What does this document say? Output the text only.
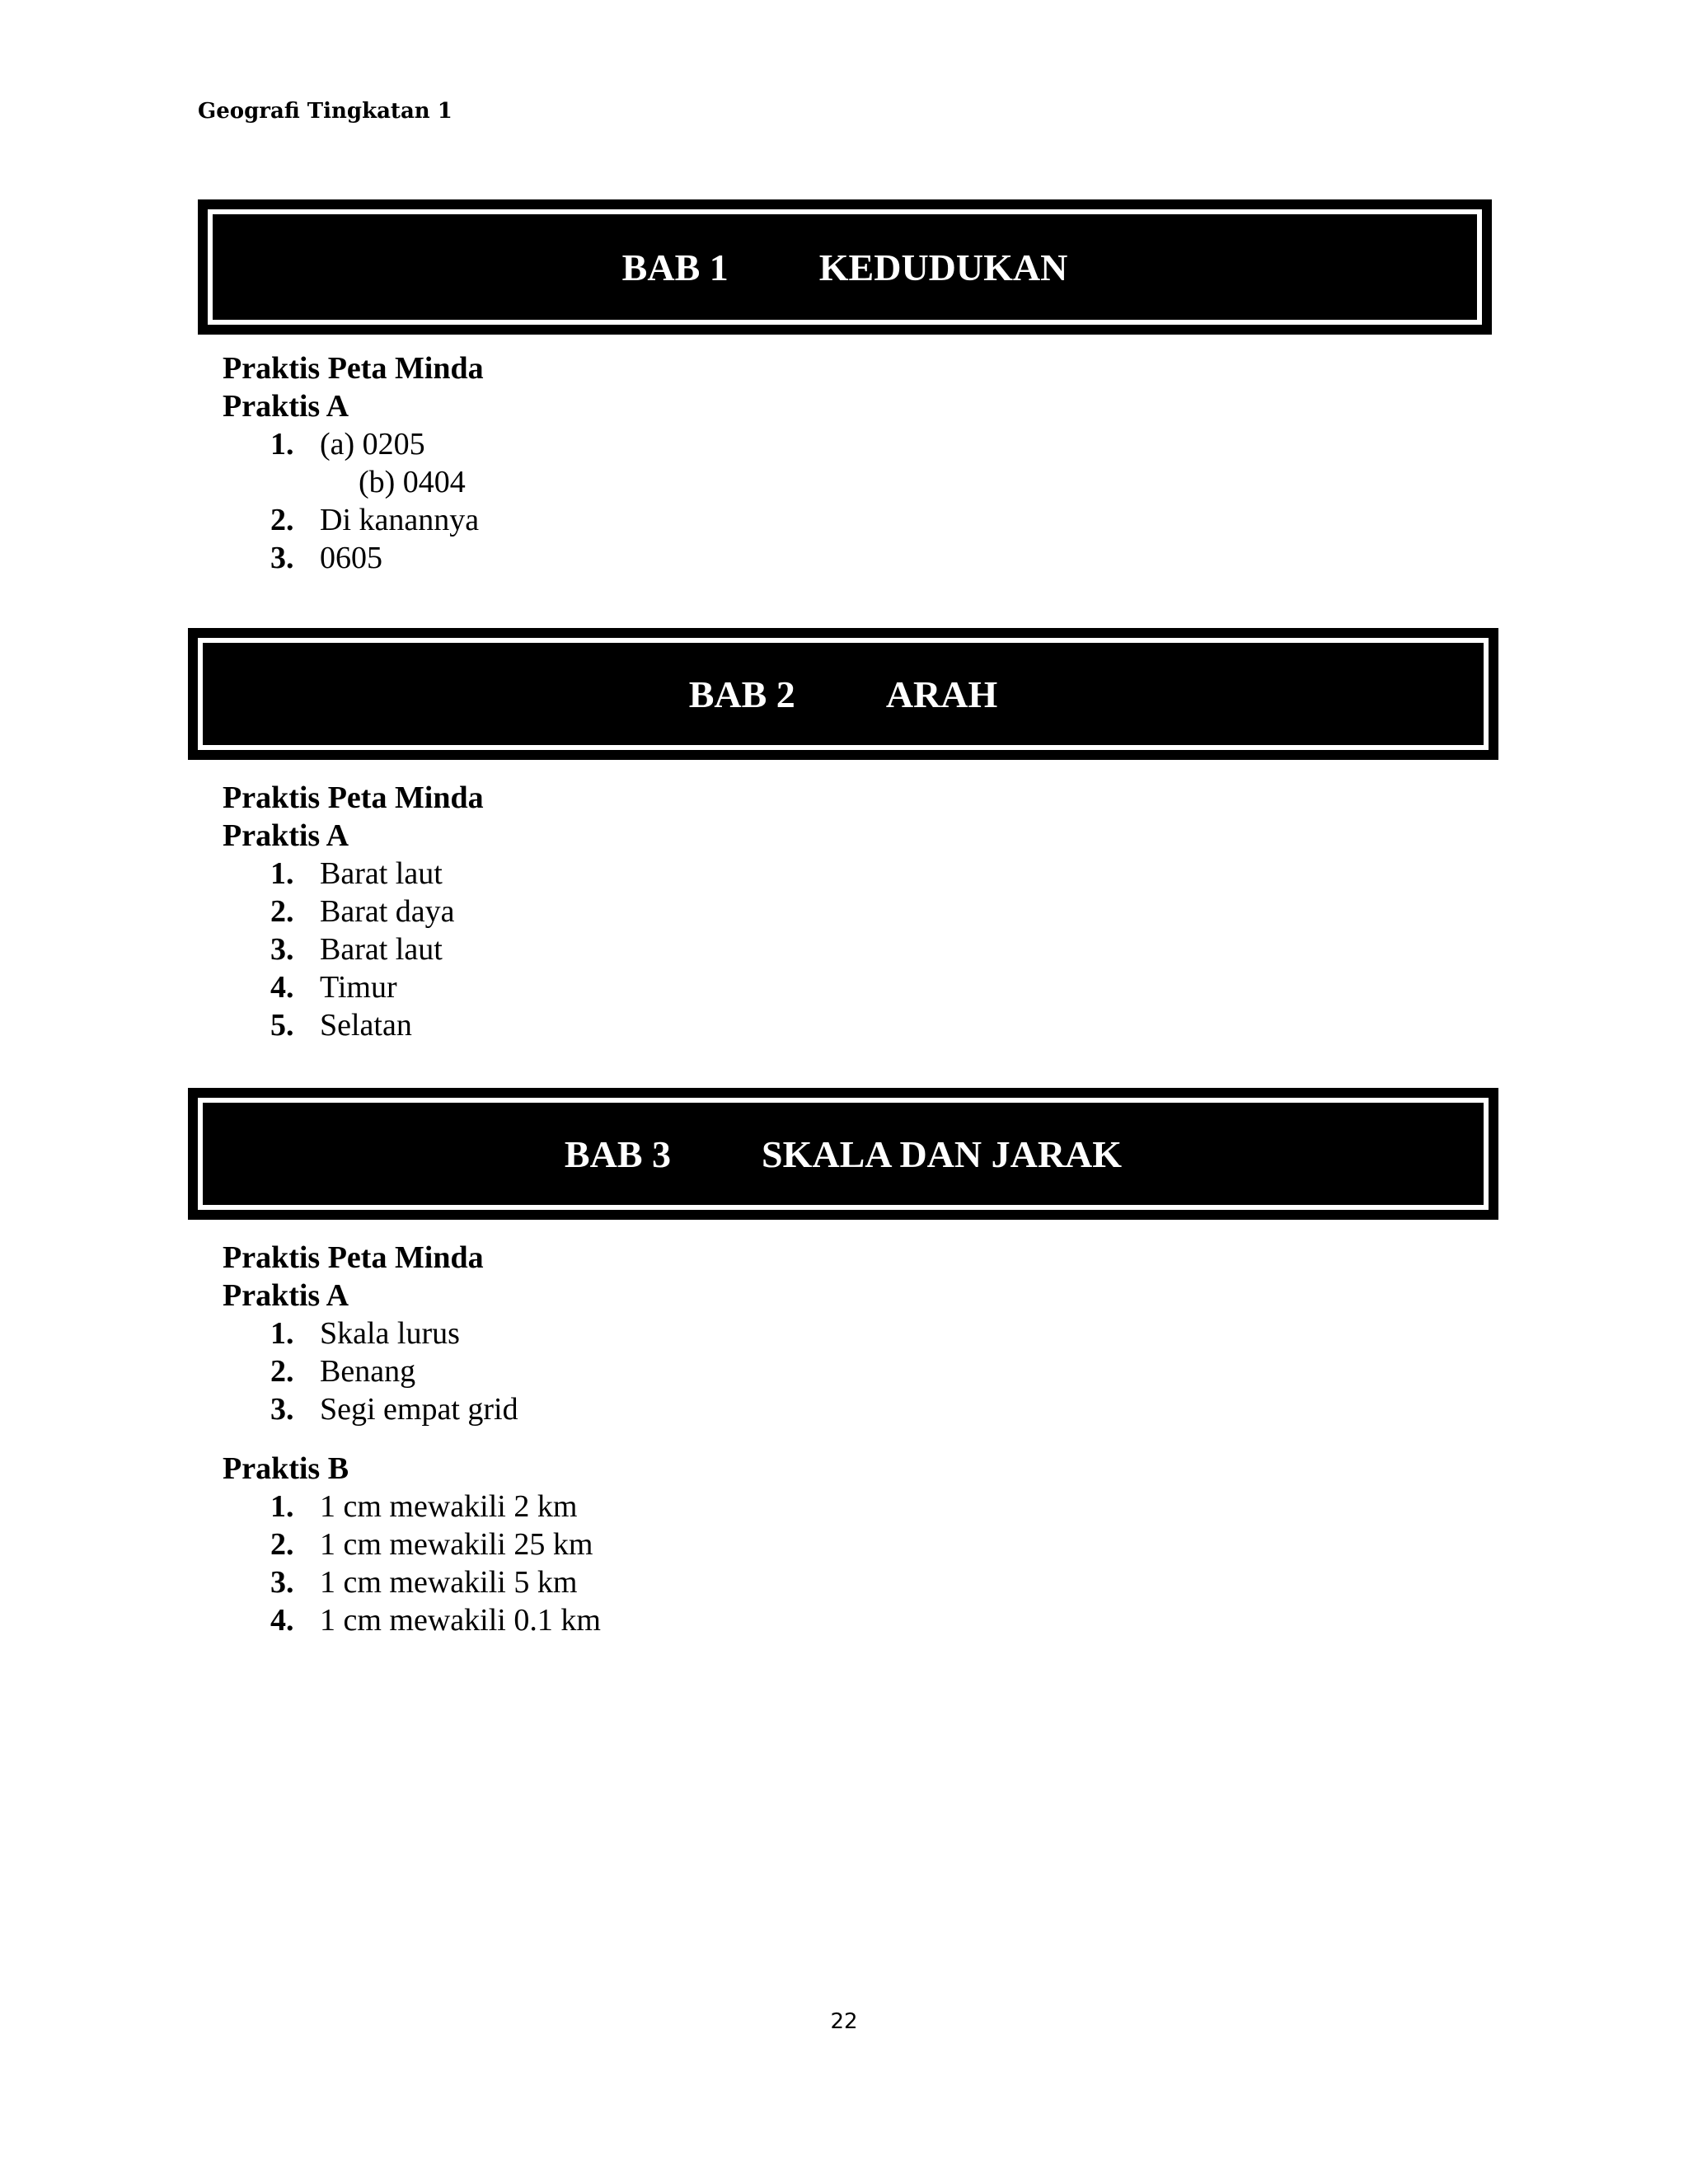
Geografi Tingkatan 1
BAB 1 KEDUDUKAN
Praktis Peta Minda
Praktis A
1. (a) 0205
(b) 0404
2. Di kanannya
3. 0605
BAB 2 ARAH
Praktis Peta Minda
Praktis A
1. Barat laut
2. Barat daya
3. Barat laut
4. Timur
5. Selatan
BAB 3 SKALA DAN JARAK
Praktis Peta Minda
Praktis A
1. Skala lurus
2. Benang
3. Segi empat grid
Praktis B
1. 1 cm mewakili 2 km
2. 1 cm mewakili 25 km
3. 1 cm mewakili 5 km
4. 1 cm mewakili 0.1 km
22
